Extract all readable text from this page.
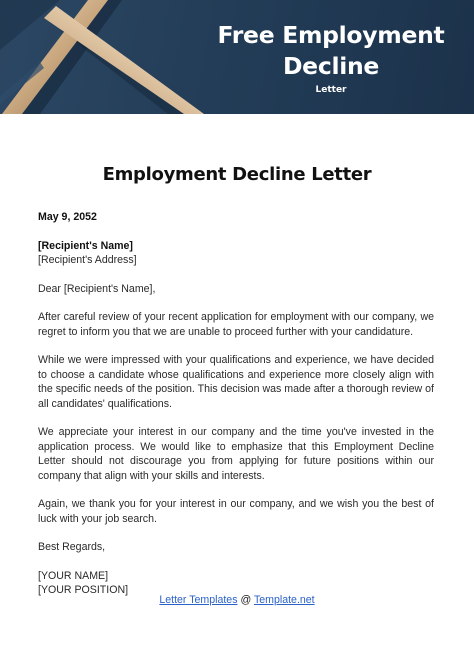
Free Employment Decline
Letter
Employment Decline Letter

May 9, 2052

[Recipient's Name]

[Recipient's Address]

Dear [Recipient's Name],

After careful review of your recent application for employment with our company, we regret to inform you that we are unable to proceed further with your candidature.

While we were impressed with your qualifications and experience, we have decided to choose a candidate whose qualifications and experience more closely align with the specific needs of the position. This decision was made after a thorough review of all candidates' qualifications.

We appreciate your interest in our company and the time you've invested in the application process. We would like to emphasize that this Employment Decline Letter should not discourage you from applying for future positions within our company that align with your skills and interests.

Again, we thank you for your interest in our company, and we wish you the best of luck with your job search.

Best Regards,

[YOUR NAME]

[YOUR POSITION]

Letter Templates @ Template.net
